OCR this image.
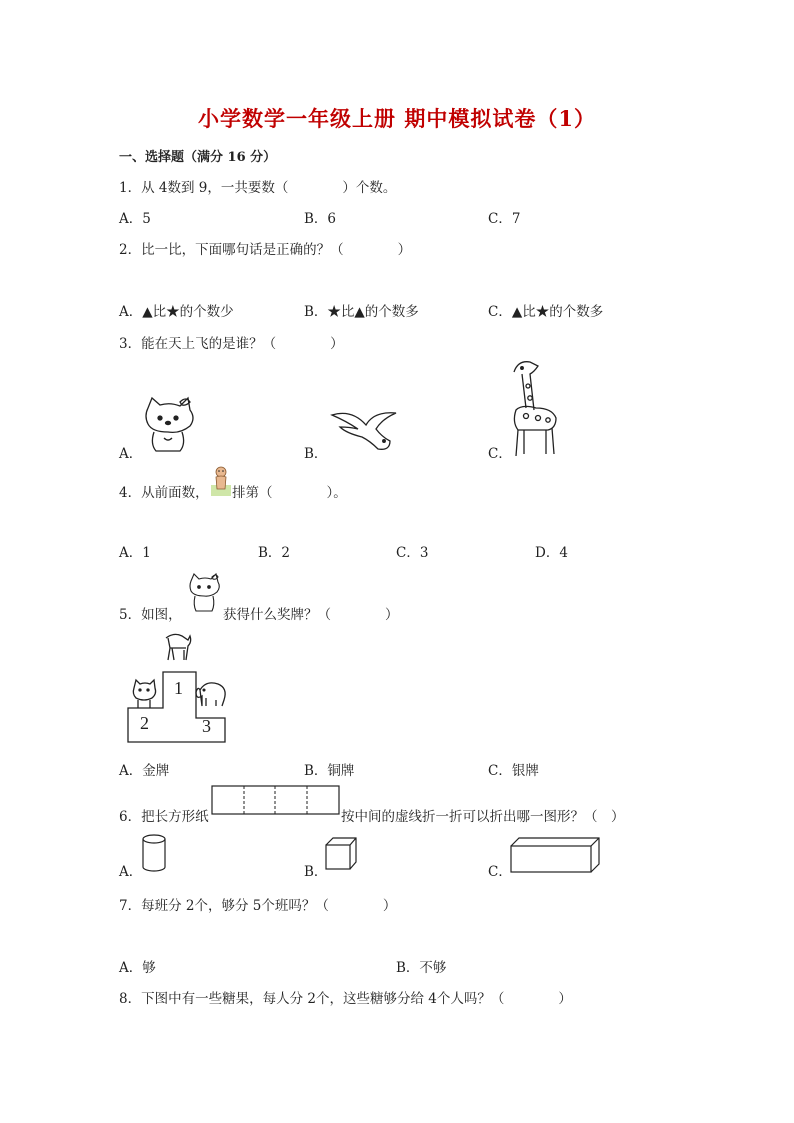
小学数学一年级上册 期中模拟试卷（1）
一、选择题（满分 16 分）
1．从 4数到 9，一共要数（　　　　）个数。
A．5	B．6	C．7
2．比一比，下面哪句话是正确的？（　　　　）
A．▲比★的个数少	B．★比▲的个数多	C．▲比★的个数多
3．能在天上飞的是谁？（　　　　）
A．	B．	C．
4．从前面数， 排第（　　　　）。
A．1	B．2	C．3	D．4
5．如图，	获得什么奖牌？（　　　　）
1
2	3
A．金牌	B．铜牌	C．银牌
6．把长方形纸	按中间的虚线折一折可以折出哪一图形？（　）
A．	B．	C．
7．每班分 2个，够分 5个班吗？（　　　　）
A．够	B．不够
8．下图中有一些糖果，每人分 2个，这些糖够分给 4个人吗？（　　　　）
